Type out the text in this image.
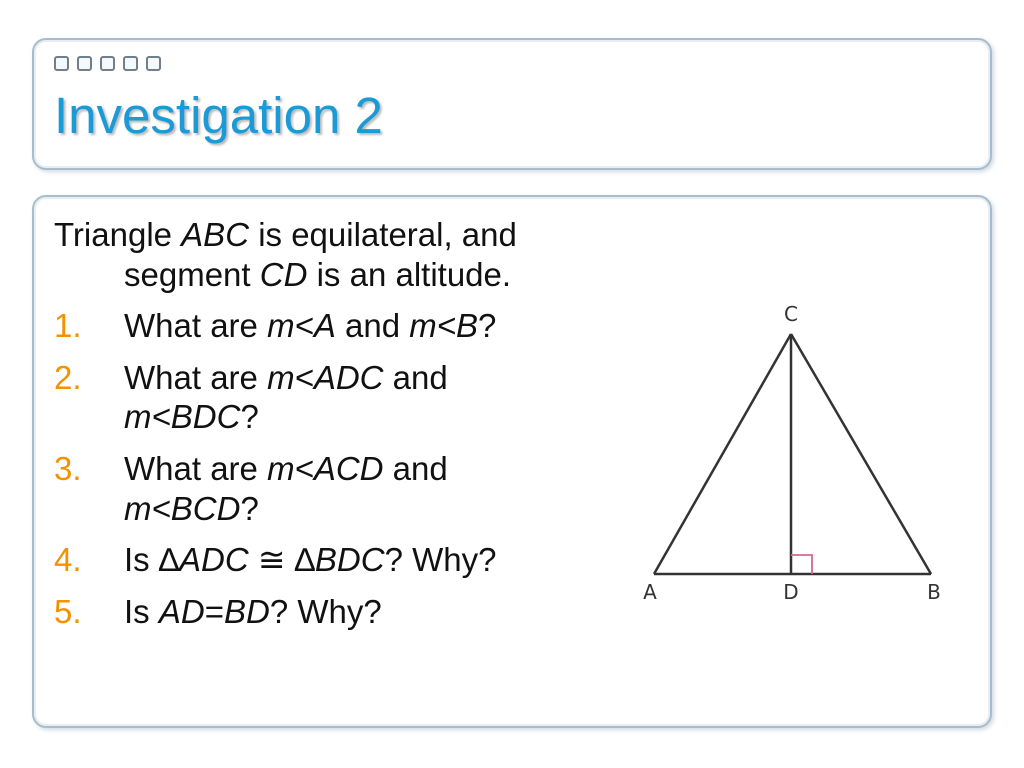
Investigation 2

Triangle ABC is equilateral, and segment CD is an altitude.

1. What are m<A and m<B?
2. What are m<ADC and
m<BDC?
3. What are m<ACD and
m<BCD?
4. Is ∆ADC ≅ ∆BDC? Why?
5. Is AD=BD? Why?
C
A	D	B
